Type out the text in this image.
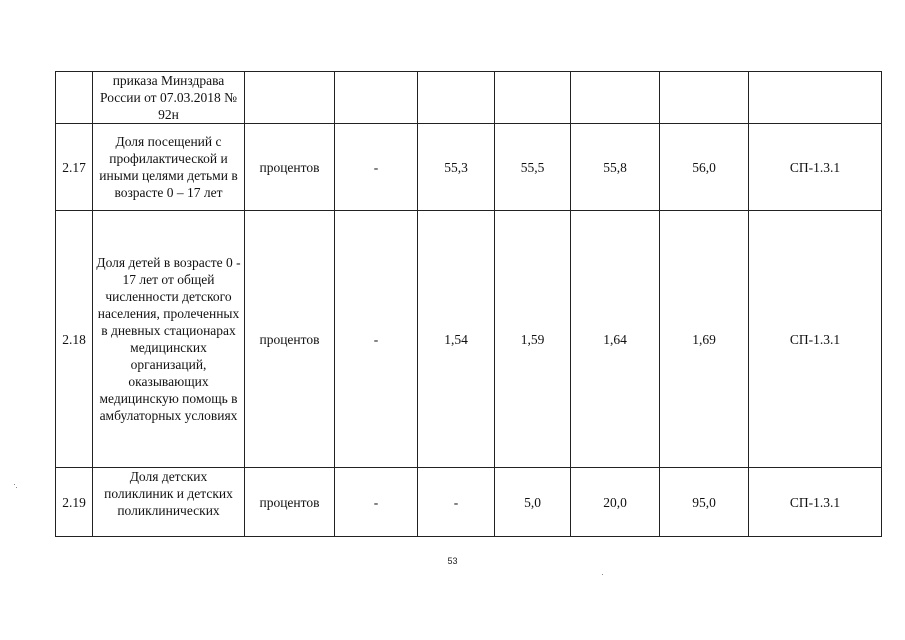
	приказа Минздрава России от 07.03.2018 № 92н							
2.17	Доля посещений с профилактической и иными целями детьми в возрасте 0 – 17 лет	процентов	-	55,3	55,5	55,8	56,0	СП-1.3.1
2.18	Доля детей в возрасте 0 - 17 лет от общей численности детского населения, пролеченных в дневных стационарах медицинских организаций, оказывающих медицинскую помощь в амбулаторных условиях	процентов	-	1,54	1,59	1,64	1,69	СП-1.3.1
2.19	Доля детских поликлиник и детских поликлинических	процентов	-	-	5,0	20,0	95,0	СП-1.3.1
53
